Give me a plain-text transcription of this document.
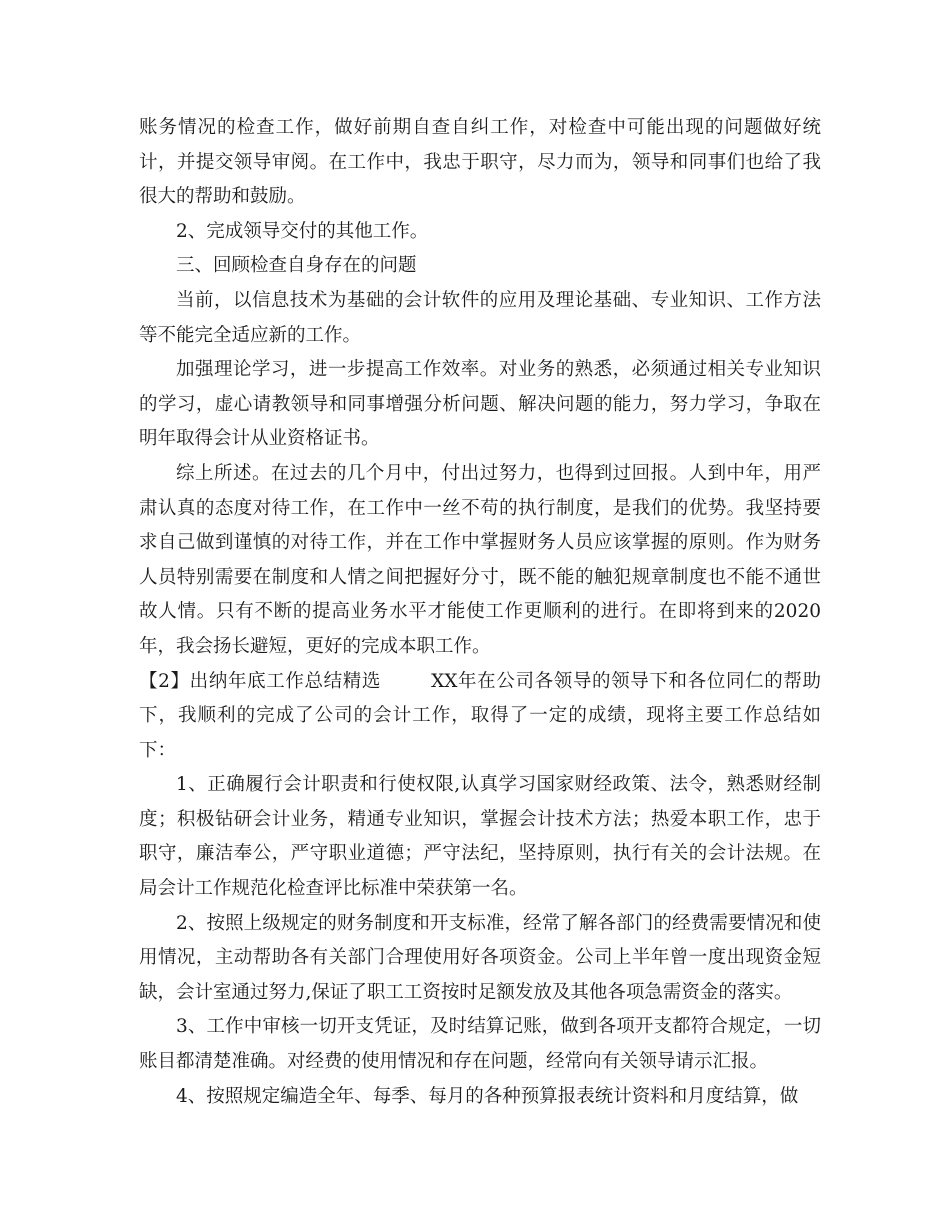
账务情况的检查工作，做好前期自查自纠工作，对检查中可能出现的问题做好统计，并提交领导审阅。在工作中，我忠于职守，尽力而为，领导和同事们也给了我很大的帮助和鼓励。

2、完成领导交付的其他工作。

三、回顾检查自身存在的问题

当前，以信息技术为基础的会计软件的应用及理论基础、专业知识、工作方法等不能完全适应新的工作。

加强理论学习，进一步提高工作效率。对业务的熟悉，必须通过相关专业知识的学习，虚心请教领导和同事增强分析问题、解决问题的能力，努力学习，争取在明年取得会计从业资格证书。

综上所述。在过去的几个月中，付出过努力，也得到过回报。人到中年，用严肃认真的态度对待工作，在工作中一丝不苟的执行制度，是我们的优势。我坚持要求自己做到谨慎的对待工作，并在工作中掌握财务人员应该掌握的原则。作为财务人员特别需要在制度和人情之间把握好分寸，既不能的触犯规章制度也不能不通世故人情。只有不断的提高业务水平才能使工作更顺利的进行。在即将到来的2020年，我会扬长避短，更好的完成本职工作。

【2】出纳年底工作总结精选	XX年在公司各领导的领导下和各位同仁的帮助下，我顺利的完成了公司的会计工作，取得了一定的成绩，现将主要工作总结如下：

1、正确履行会计职责和行使权限,认真学习国家财经政策、法令，熟悉财经制度；积极钻研会计业务，精通专业知识，掌握会计技术方法；热爱本职工作，忠于职守，廉洁奉公，严守职业道德；严守法纪，坚持原则，执行有关的会计法规。在局会计工作规范化检查评比标准中荣获第一名。

2、按照上级规定的财务制度和开支标准，经常了解各部门的经费需要情况和使用情况，主动帮助各有关部门合理使用好各项资金。公司上半年曾一度出现资金短缺，会计室通过努力,保证了职工工资按时足额发放及其他各项急需资金的落实。

3、工作中审核一切开支凭证，及时结算记账，做到各项开支都符合规定，一切账目都清楚准确。对经费的使用情况和存在问题，经常向有关领导请示汇报。

4、按照规定编造全年、每季、每月的各种预算报表统计资料和月度结算，做
